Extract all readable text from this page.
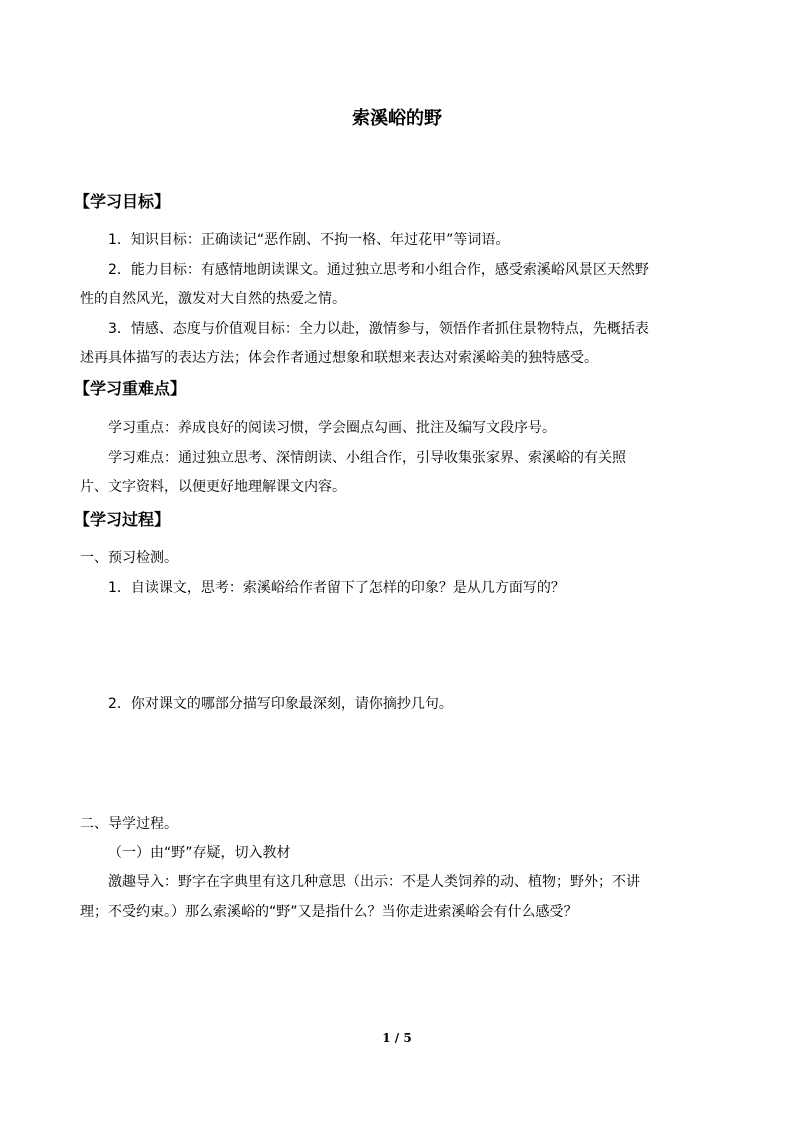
索溪峪的野
【学习目标】
1．知识目标：正确读记“恶作剧、不拘一格、年过花甲”等词语。
2．能力目标：有感情地朗读课文。通过独立思考和小组合作，感受索溪峪风景区天然野
性的自然风光，激发对大自然的热爱之情。
3．情感、态度与价值观目标：全力以赴，激情参与，领悟作者抓住景物特点，先概括表
述再具体描写的表达方法；体会作者通过想象和联想来表达对索溪峪美的独特感受。
【学习重难点】
学习重点：养成良好的阅读习惯，学会圈点勾画、批注及编写文段序号。
学习难点：通过独立思考、深情朗读、小组合作，引导收集张家界、索溪峪的有关照
片、文字资料，以便更好地理解课文内容。
【学习过程】
一、预习检测。
1．自读课文，思考：索溪峪给作者留下了怎样的印象？是从几方面写的？
2．你对课文的哪部分描写印象最深刻，请你摘抄几句。
二、导学过程。
（一）由“野”存疑，切入教材
激趣导入：野字在字典里有这几种意思（出示：不是人类饲养的动、植物；野外；不讲
理；不受约束。）那么索溪峪的“野”又是指什么？当你走进索溪峪会有什么感受？
1 / 5
